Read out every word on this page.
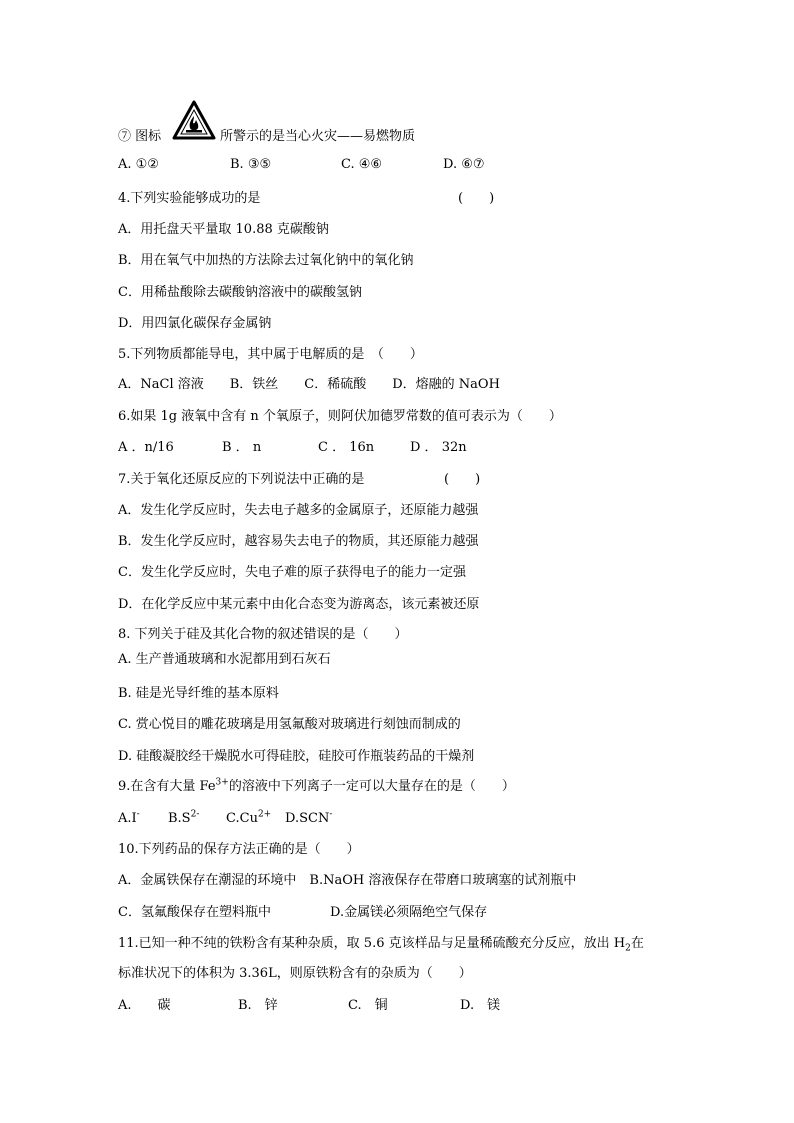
⑦ 图标	所警示的是当心火灾——易燃物质
A. ①②	B. ③⑤	C. ④⑥	D. ⑥⑦
4.下列实验能够成功的是	(　　)
A．用托盘天平量取 10.88 克碳酸钠
B．用在氧气中加热的方法除去过氧化钠中的氧化钠
C．用稀盐酸除去碳酸钠溶液中的碳酸氢钠
D．用四氯化碳保存金属钠
5.下列物质都能导电，其中属于电解质的是　（　　）
A．NaCl 溶液　　B．铁丝　　C．稀硫酸　　D．熔融的 NaOH
6.如果 1g 液氧中含有 n 个氧原子，则阿伏加德罗常数的值可表示为（　　）
A ．n/16	B ． n	C ． 16n	D ． 32n
7.关于氧化还原反应的下列说法中正确的是	(　　)
A．发生化学反应时，失去电子越多的金属原子，还原能力越强
B．发生化学反应时，越容易失去电子的物质，其还原能力越强
C．发生化学反应时，失电子难的原子获得电子的能力一定强
D．在化学反应中某元素中由化合态变为游离态，该元素被还原
8. 下列关于硅及其化合物的叙述错误的是（　　）
A. 生产普通玻璃和水泥都用到石灰石
B. 硅是光导纤维的基本原料
C. 赏心悦目的雕花玻璃是用氢氟酸对玻璃进行刻蚀而制成的
D. 硅酸凝胶经干燥脱水可得硅胶，硅胶可作瓶装药品的干燥剂
9.在含有大量 $Fe^{3+}$的溶液中下列离子一定可以大量存在的是（　　）
A.I- $B.S^{2-}$ $C.Cu^{2+}$ D.SCN-
10.下列药品的保存方法正确的是（　　）
A．金属铁保存在潮湿的环境中　B.NaOH 溶液保存在带磨口玻璃塞的试剂瓶中
C．氢氟酸保存在塑料瓶中	D.金属镁必须隔绝空气保存
11.已知一种不纯的铁粉含有某种杂质，取 5.6 克该样品与足量稀硫酸充分反应，放出 $H_2$在
标准状况下的体积为 3.36L，则原铁粉含有的杂质为（　　）
A.　　碳	B.　锌	C.　铜	D.　镁
